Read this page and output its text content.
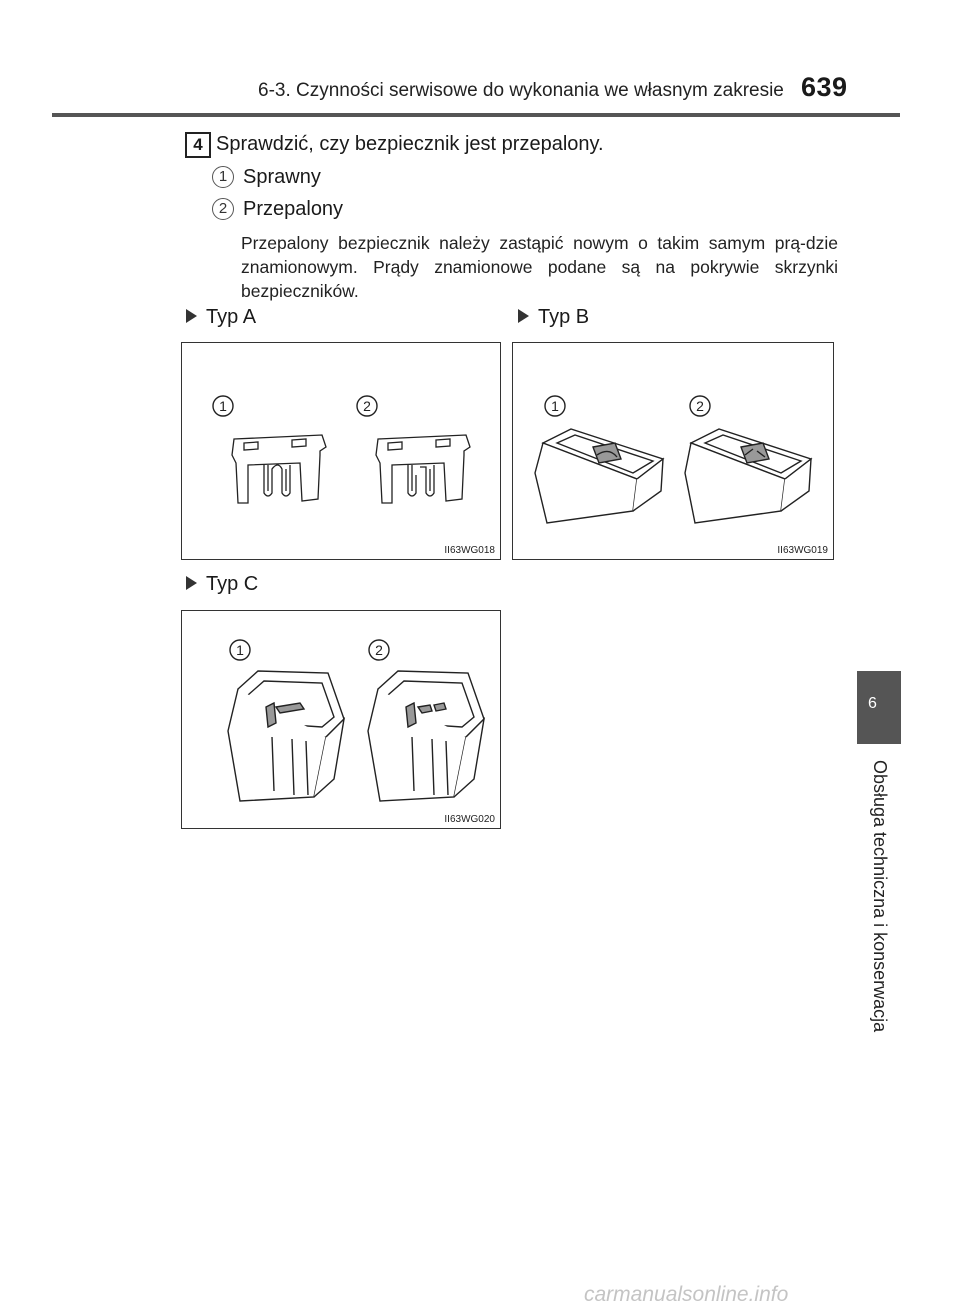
6-3. Czynności serwisowe do wykonania we własnym zakresie 639
4 Sprawdzić, czy bezpiecznik jest przepalony.
1 Sprawny
2 Przepalony
Przepalony bezpiecznik należy zastąpić nowym o takim samym prą-dzie znamionowym. Prądy znamionowe podane są na pokrywie skrzynki bezpieczników.
Typ A	Typ B
1	2
II63WG018
1	2
II63WG019
Typ C
1	2
II63WG020
6
Obsługa techniczna i konserwacja
carmanualsonline.info
